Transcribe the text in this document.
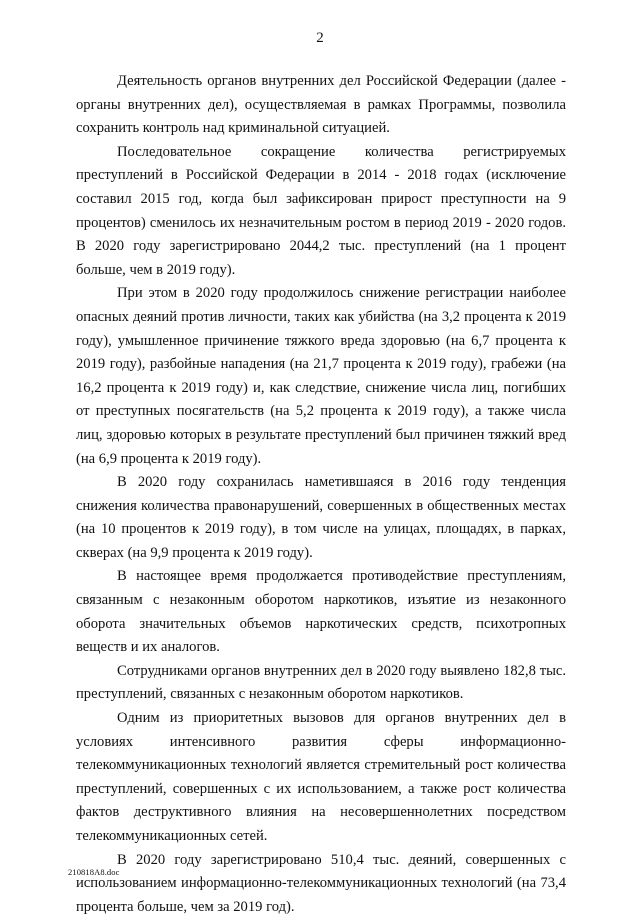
2

Деятельность органов внутренних дел Российской Федерации (далее - органы внутренних дел), осуществляемая в рамках Программы, позволила сохранить контроль над криминальной ситуацией.

Последовательное сокращение количества регистрируемых преступлений в Российской Федерации в 2014 - 2018 годах (исключение составил 2015 год, когда был зафиксирован прирост преступности на 9 процентов) сменилось их незначительным ростом в период 2019 - 2020 годов. В 2020 году зарегистрировано 2044,2 тыс. преступлений (на 1 процент больше, чем в 2019 году).

При этом в 2020 году продолжилось снижение регистрации наиболее опасных деяний против личности, таких как убийства (на 3,2 процента к 2019 году), умышленное причинение тяжкого вреда здоровью (на 6,7 процента к 2019 году), разбойные нападения (на 21,7 процента к 2019 году), грабежи (на 16,2 процента к 2019 году) и, как следствие, снижение числа лиц, погибших от преступных посягательств (на 5,2 процента к 2019 году), а также числа лиц, здоровью которых в результате преступлений был причинен тяжкий вред (на 6,9 процента к 2019 году).

В 2020 году сохранилась наметившаяся в 2016 году тенденция снижения количества правонарушений, совершенных в общественных местах (на 10 процентов к 2019 году), в том числе на улицах, площадях, в парках, скверах (на 9,9 процента к 2019 году).

В настоящее время продолжается противодействие преступлениям, связанным с незаконным оборотом наркотиков, изъятие из незаконного оборота значительных объемов наркотических средств, психотропных веществ и их аналогов.

Сотрудниками органов внутренних дел в 2020 году выявлено 182,8 тыс. преступлений, связанных с незаконным оборотом наркотиков.

Одним из приоритетных вызовов для органов внутренних дел в условиях интенсивного развития сферы информационно-телекоммуникационных технологий является стремительный рост количества преступлений, совершенных с их использованием, а также рост количества фактов деструктивного влияния на несовершеннолетних посредством телекоммуникационных сетей.

В 2020 году зарегистрировано 510,4 тыс. деяний, совершенных с использованием информационно-телекоммуникационных технологий (на 73,4 процента больше, чем за 2019 год).

210818A8.doc
